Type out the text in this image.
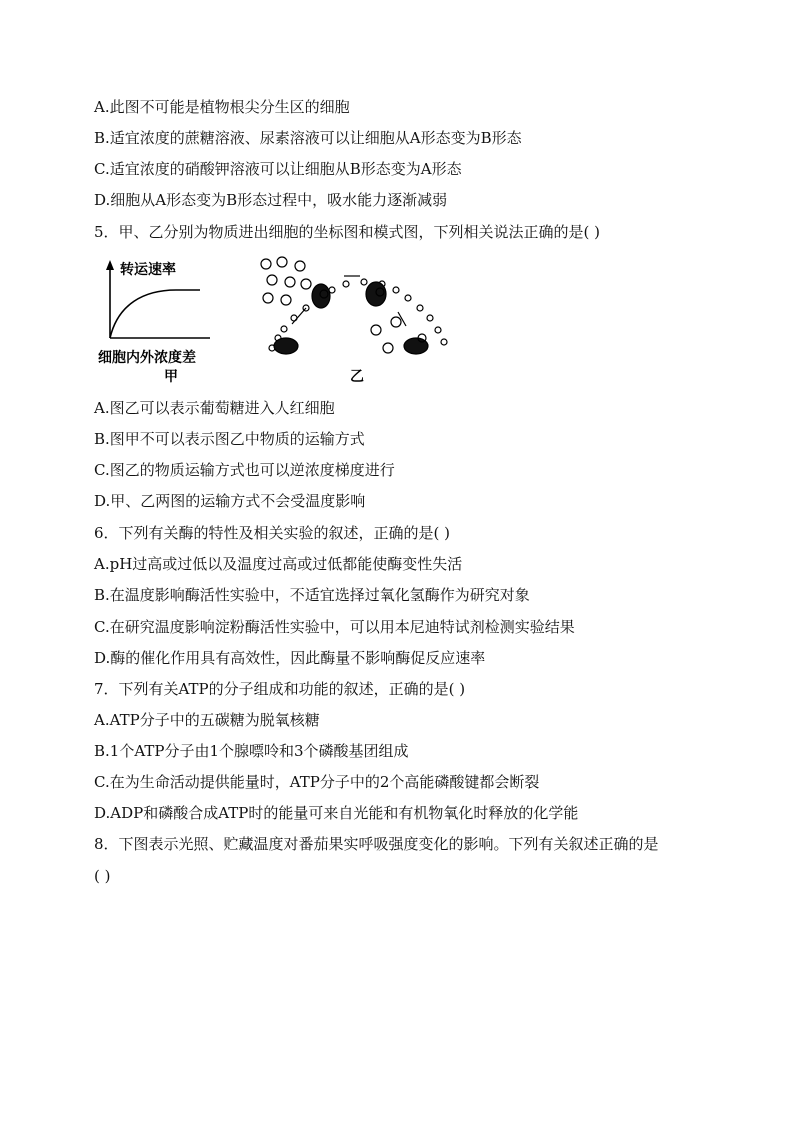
A.此图不可能是植物根尖分生区的细胞
B.适宜浓度的蔗糖溶液、尿素溶液可以让细胞从A形态变为B形态
C.适宜浓度的硝酸钾溶液可以让细胞从B形态变为A形态
D.细胞从A形态变为B形态过程中，吸水能力逐渐减弱
5．甲、乙分别为物质进出细胞的坐标图和模式图，下列相关说法正确的是( )
转运速率
细胞内外浓度差
甲	乙
A.图乙可以表示葡萄糖进入人红细胞
B.图甲不可以表示图乙中物质的运输方式
C.图乙的物质运输方式也可以逆浓度梯度进行
D.甲、乙两图的运输方式不会受温度影响
6．下列有关酶的特性及相关实验的叙述，正确的是( )
A.pH过高或过低以及温度过高或过低都能使酶变性失活
B.在温度影响酶活性实验中，不适宜选择过氧化氢酶作为研究对象
C.在研究温度影响淀粉酶活性实验中，可以用本尼迪特试剂检测实验结果
D.酶的催化作用具有高效性，因此酶量不影响酶促反应速率
7．下列有关ATP的分子组成和功能的叙述，正确的是( )
A.ATP分子中的五碳糖为脱氧核糖
B.1个ATP分子由1个腺嘌呤和3个磷酸基团组成
C.在为生命活动提供能量时，ATP分子中的2个高能磷酸键都会断裂
D.ADP和磷酸合成ATP时的能量可来自光能和有机物氧化时释放的化学能
8．下图表示光照、贮藏温度对番茄果实呼吸强度变化的影响。下列有关叙述正确的是
( )
